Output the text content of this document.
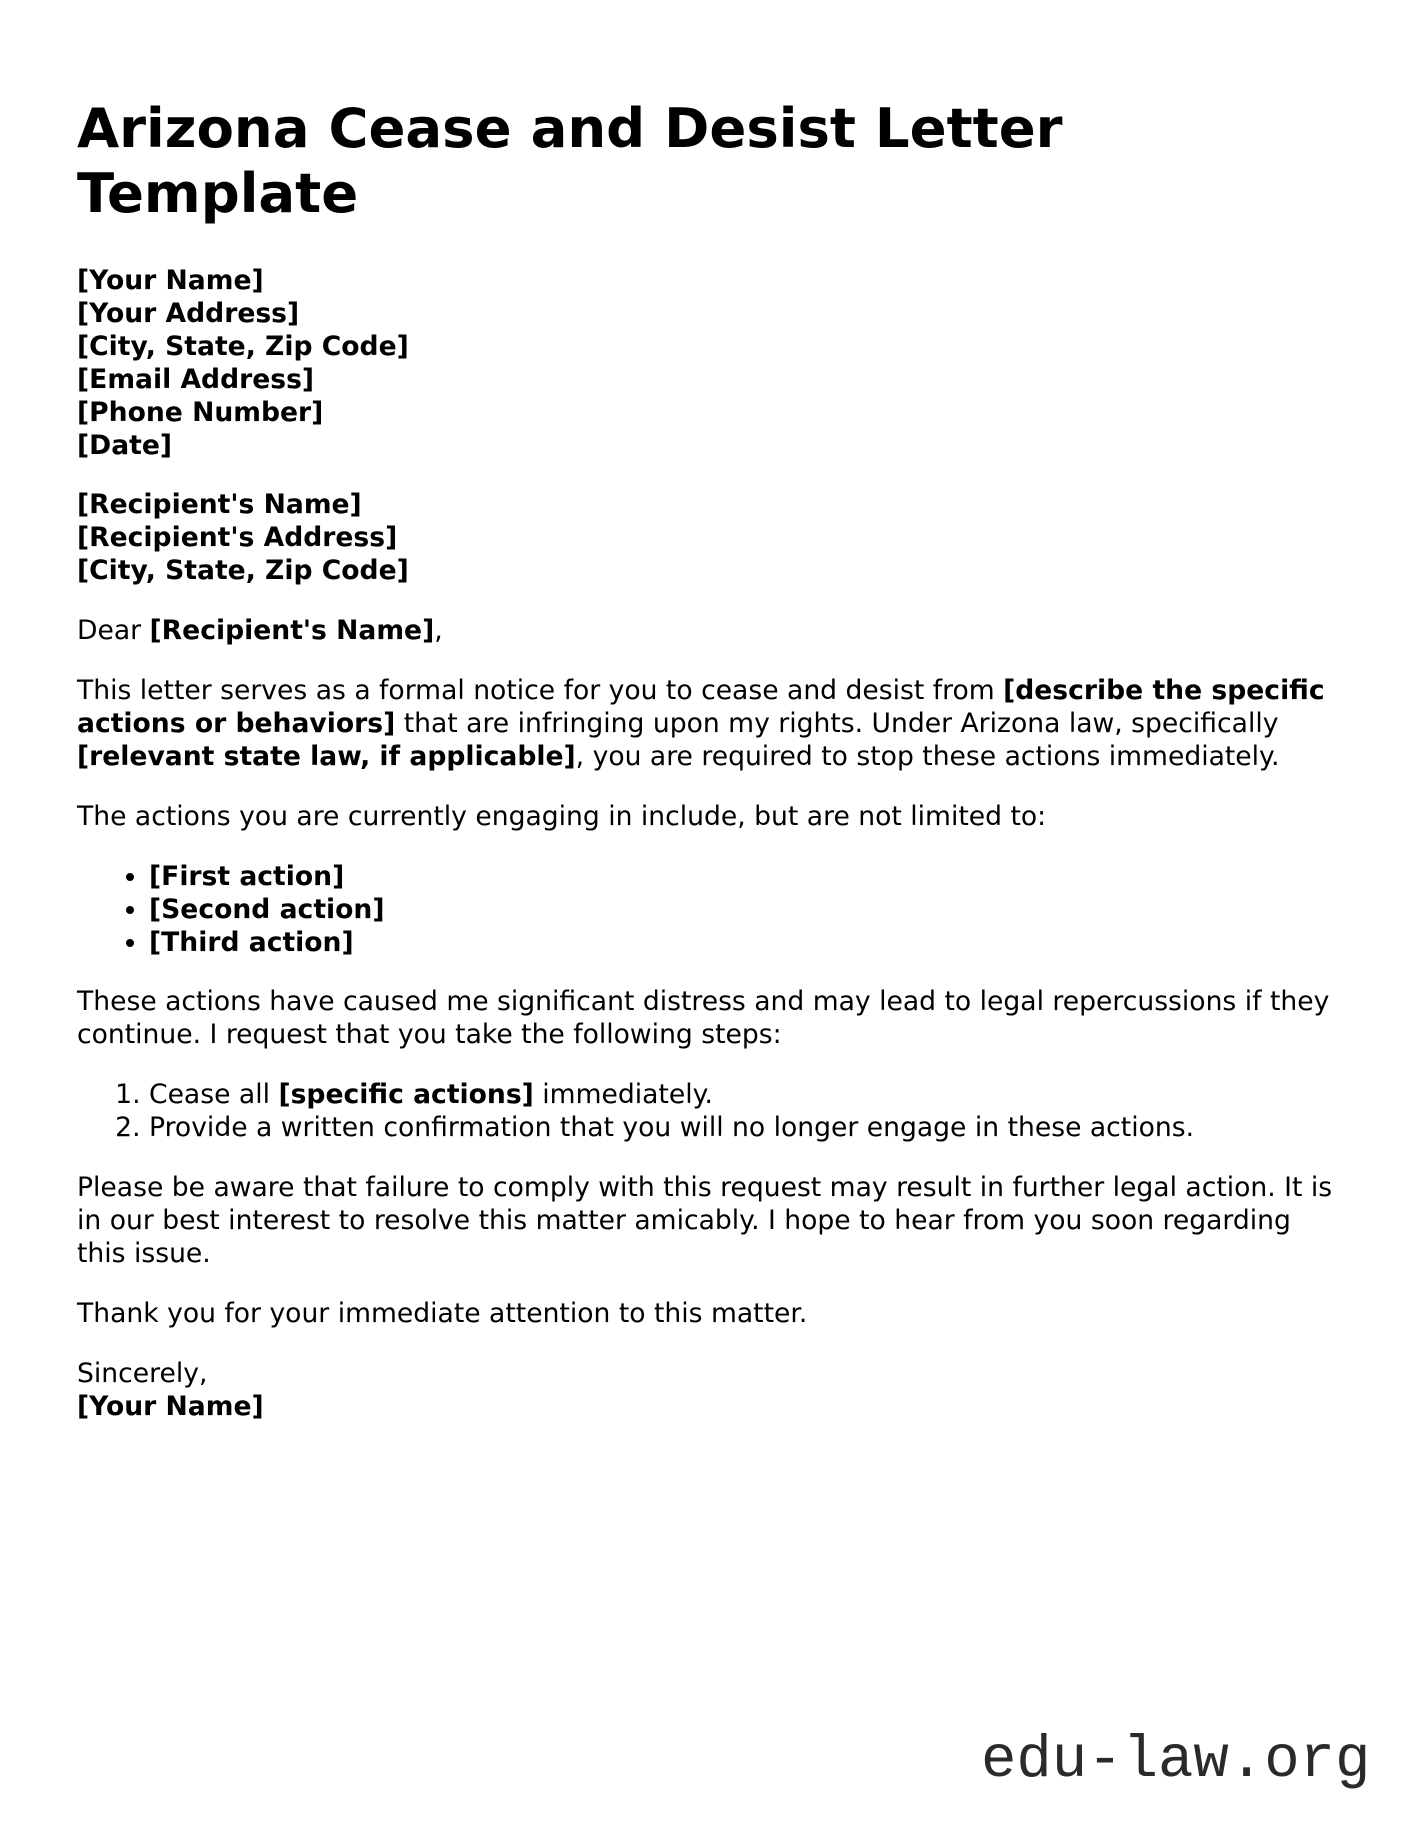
Arizona Cease and Desist Letter Template

[Your Name]
[Your Address]
[City, State, Zip Code]
[Email Address]
[Phone Number]
[Date]

[Recipient's Name]
[Recipient's Address]
[City, State, Zip Code]

Dear [Recipient's Name],

This letter serves as a formal notice for you to cease and desist from [describe the specific actions or behaviors] that are infringing upon my rights. Under Arizona law, specifically [relevant state law, if applicable], you are required to stop these actions immediately.

The actions you are currently engaging in include, but are not limited to:

• [First action]
• [Second action]
• [Third action]

These actions have caused me significant distress and may lead to legal repercussions if they continue. I request that you take the following steps:

1. Cease all [specific actions] immediately.
2. Provide a written confirmation that you will no longer engage in these actions.

Please be aware that failure to comply with this request may result in further legal action. It is in our best interest to resolve this matter amicably. I hope to hear from you soon regarding this issue.

Thank you for your immediate attention to this matter.

Sincerely,
[Your Name]

edu-law.org
